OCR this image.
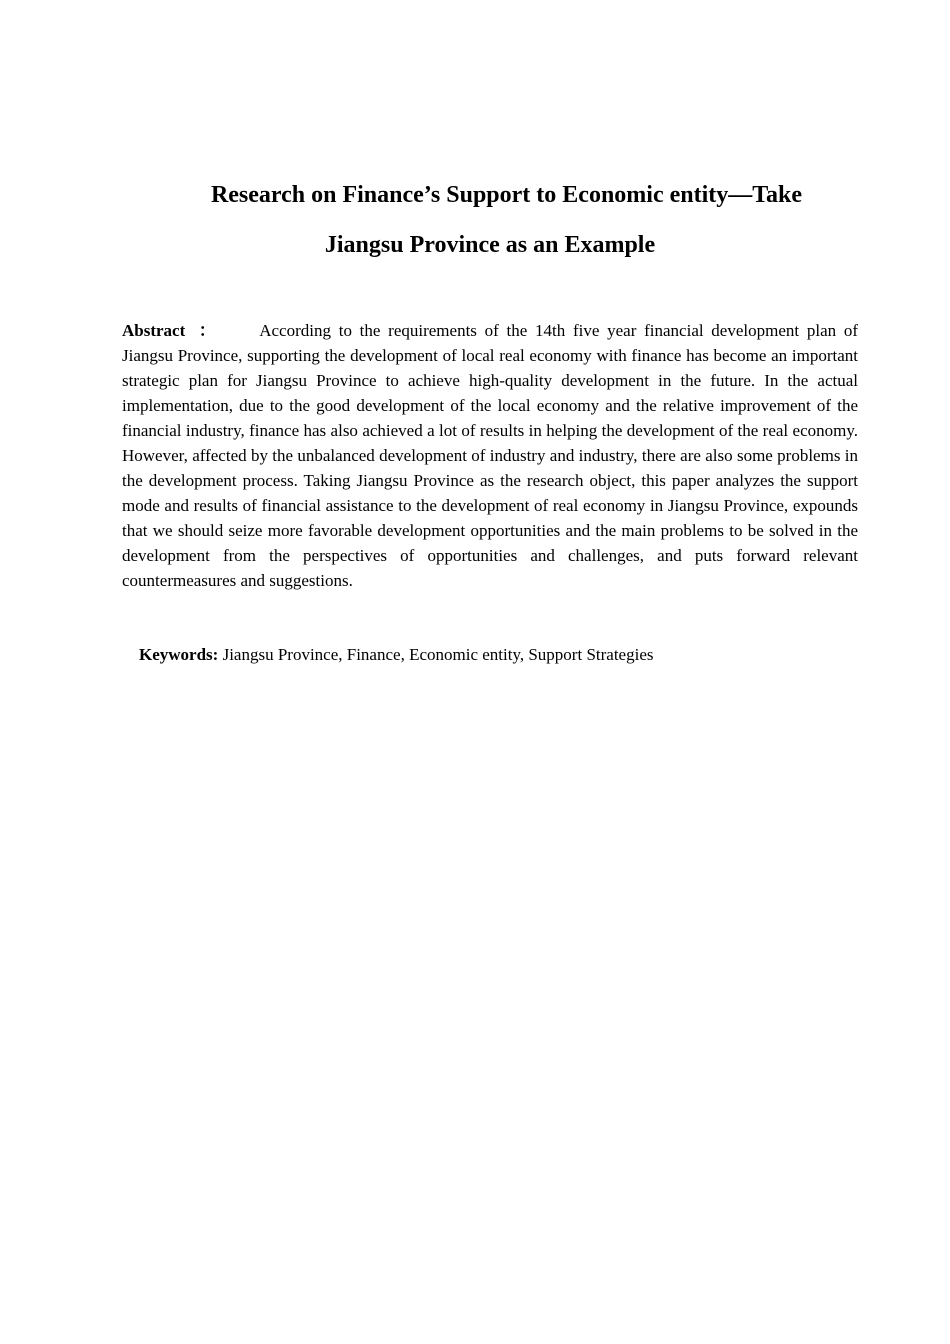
Research on Finance’s Support to Economic entity—Take
Jiangsu Province as an Example

Abstract ： According to the requirements of the 14th five year financial development plan of Jiangsu Province, supporting the development of local real economy with finance has become an important strategic plan for Jiangsu Province to achieve high-quality development in the future. In the actual implementation, due to the good development of the local economy and the relative improvement of the financial industry, finance has also achieved a lot of results in helping the development of the real economy. However, affected by the unbalanced development of industry and industry, there are also some problems in the development process. Taking Jiangsu Province as the research object, this paper analyzes the support mode and results of financial assistance to the development of real economy in Jiangsu Province, expounds that we should seize more favorable development opportunities and the main problems to be solved in the development from the perspectives of opportunities and challenges, and puts forward relevant countermeasures and suggestions.

Keywords: Jiangsu Province, Finance, Economic entity, Support Strategies
